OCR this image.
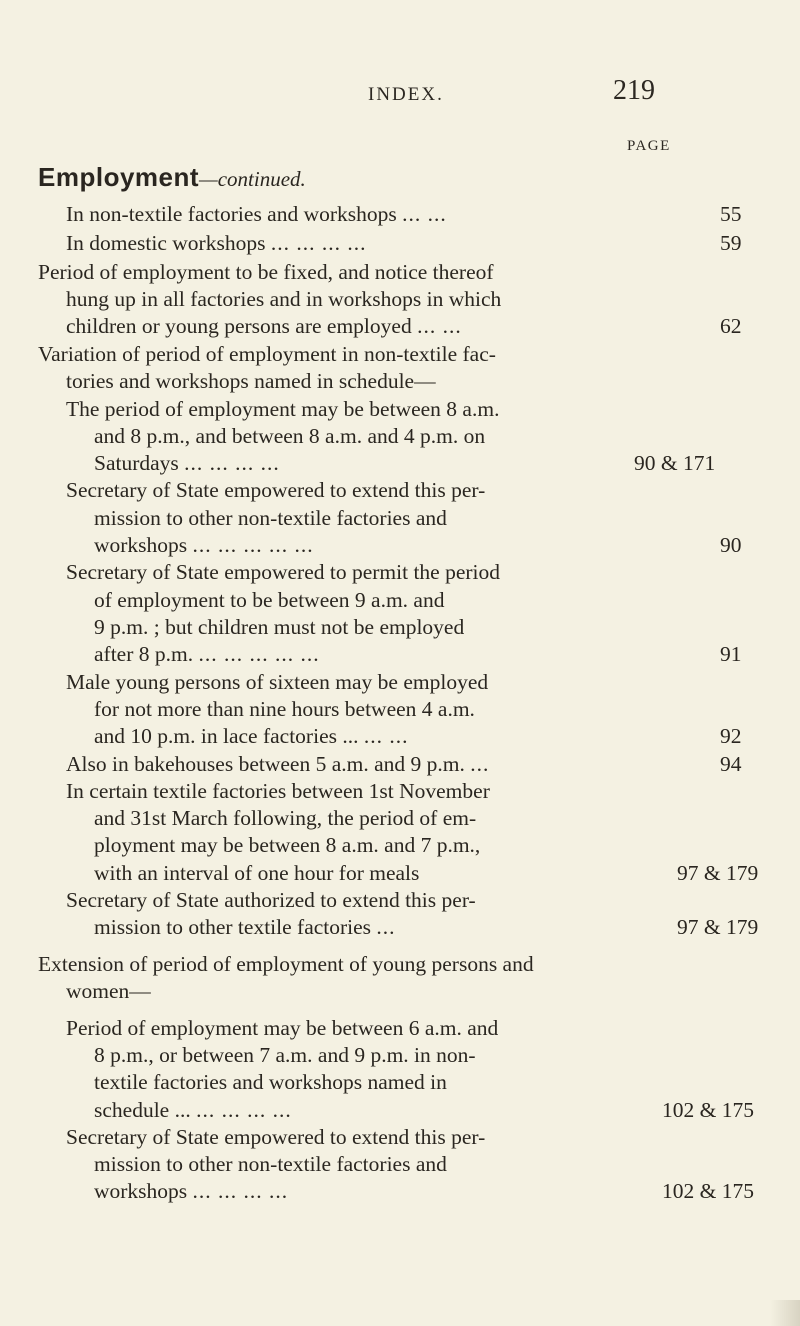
INDEX.	219
PAGE
Employment—continued.
In non-textile factories and workshops ... ...	55
In domestic workshops ... ... ... ...	59
Period of employment to be fixed, and notice thereof
hung up in all factories and in workshops in which
children or young persons are employed ... ...	62
Variation of period of employment in non-textile fac-
tories and workshops named in schedule—
The period of employment may be between 8 a.m.
and 8 p.m., and between 8 a.m. and 4 p.m. on
Saturdays ... ... ... ...	90 & 171
Secretary of State empowered to extend this per-
mission to other non-textile factories and
workshops ... ... ... ... ...	90
Secretary of State empowered to permit the period
of employment to be between 9 a.m. and
9 p.m. ; but children must not be employed
after 8 p.m. ... ... ... ... ...	91
Male young persons of sixteen may be employed
for not more than nine hours between 4 a.m.
and 10 p.m. in lace factories ... ... ...	92
Also in bakehouses between 5 a.m. and 9 p.m. ...	94
In certain textile factories between 1st November
and 31st March following, the period of em-
ployment may be between 8 a.m. and 7 p.m.,
with an interval of one hour for meals	97 & 179
Secretary of State authorized to extend this per-
mission to other textile factories ...	97 & 179
Extension of period of employment of young persons and
women—
Period of employment may be between 6 a.m. and
8 p.m., or between 7 a.m. and 9 p.m. in non-
textile factories and workshops named in
schedule ... ... ... ... ...	102 & 175
Secretary of State empowered to extend this per-
mission to other non-textile factories and
workshops ... ... ... ...	102 & 175
